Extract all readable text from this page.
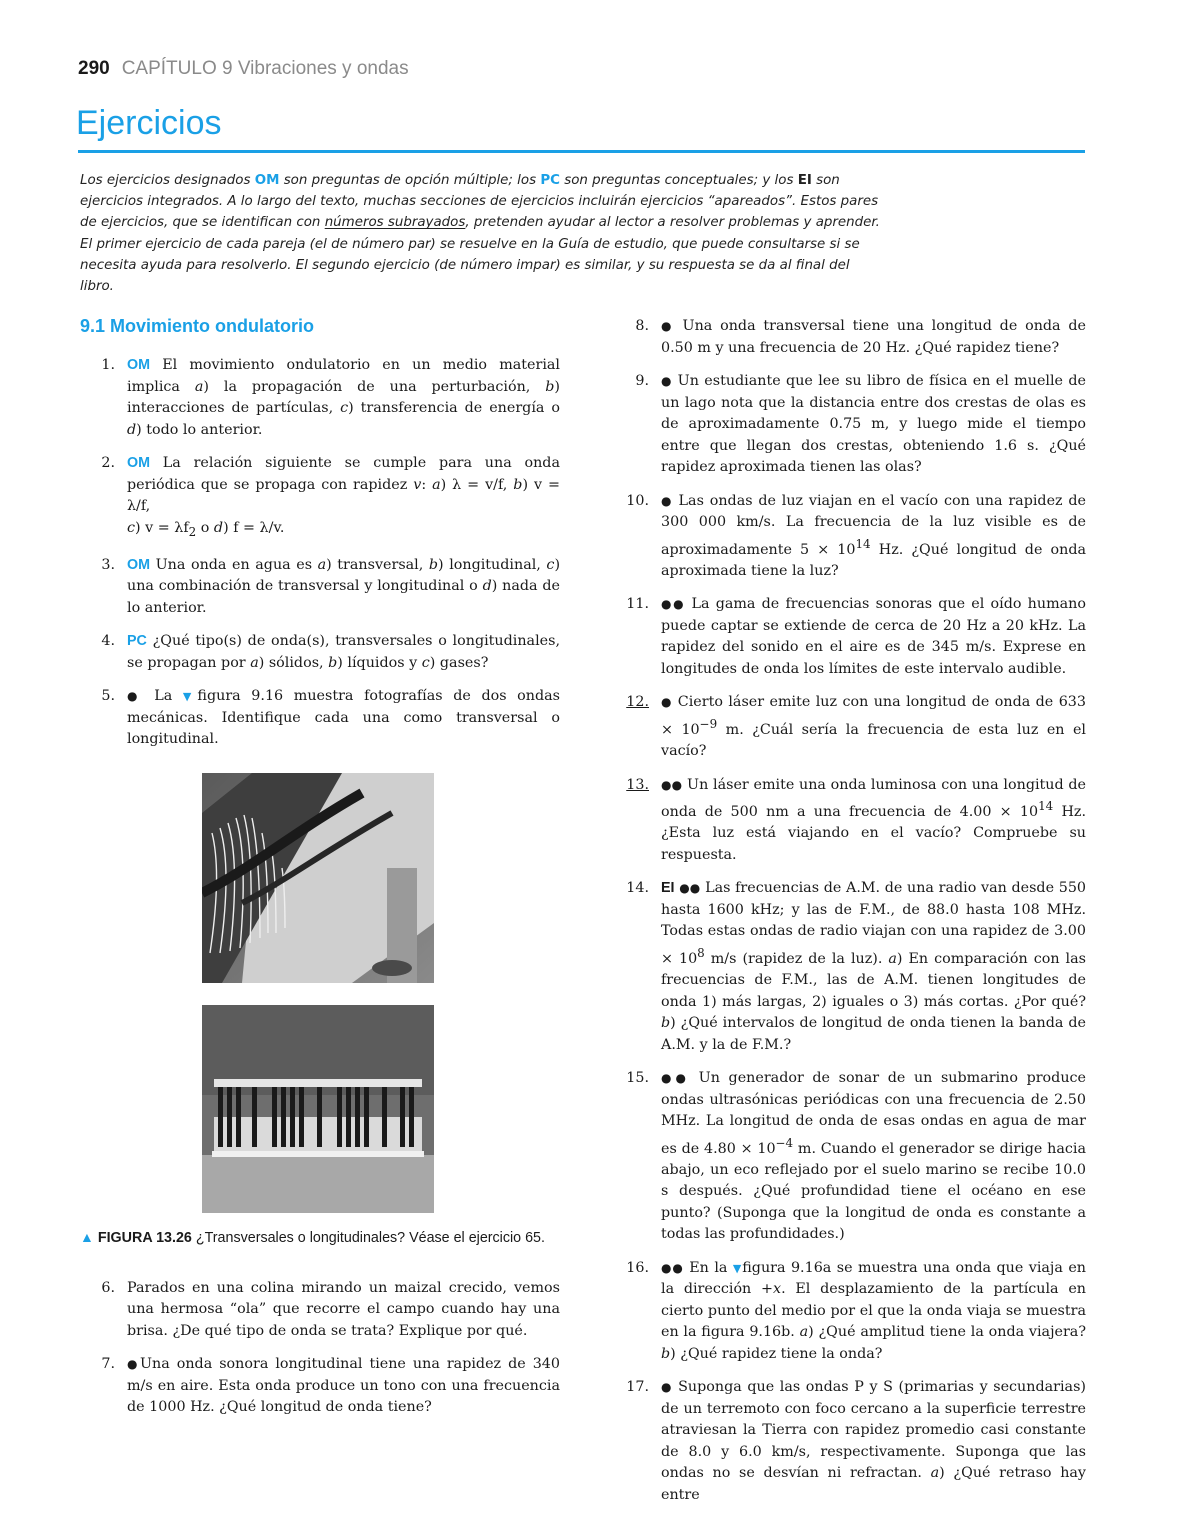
290 CAPÍTULO 9 Vibraciones y ondas
Ejercicios

Los ejercicios designados OM son preguntas de opción múltiple; los PC son preguntas conceptuales; y los EI son ejercicios integrados. A lo largo del texto, muchas secciones de ejercicios incluirán ejercicios “apareados”. Estos pares de ejercicios, que se identifican con números subrayados, pretenden ayudar al lector a resolver problemas y aprender. El primer ejercicio de cada pareja (el de número par) se resuelve en la Guía de estudio, que puede consultarse si se necesita ayuda para resolverlo. El segundo ejercicio (de número impar) es similar, y su respuesta se da al final del libro.

9.1 Movimiento ondulatorio

1. OM El movimiento ondulatorio en un medio material implica a) la propagación de una perturbación, b) interacciones de partículas, c) transferencia de energía o d) todo lo anterior.

2. OM La relación siguiente se cumple para una onda periódica que se propaga con rapidez v: a) λ = v/f, b) v = λ/f,
c) $v = \lambda f_2$ o d) f = λ/v.

3. OM Una onda en agua es a) transversal, b) longitudinal, c) una combinación de transversal y longitudinal o d) nada de lo anterior.

4. PC ¿Qué tipo(s) de onda(s), transversales o longitudinales, se propagan por a) sólidos, b) líquidos y c) gases?

5. ● La ▼figura 9.16 muestra fotografías de dos ondas mecánicas. Identifique cada una como transversal o longitudinal.

▲ FIGURA 13.26 ¿Transversales o longitudinales? Véase el ejercicio 65.

6. Parados en una colina mirando un maizal crecido, vemos una hermosa “ola” que recorre el campo cuando hay una brisa. ¿De qué tipo de onda se trata? Explique por qué.

7. ●Una onda sonora longitudinal tiene una rapidez de 340 m/s en aire. Esta onda produce un tono con una frecuencia de 1000 Hz. ¿Qué longitud de onda tiene?

8. ● Una onda transversal tiene una longitud de onda de 0.50 m y una frecuencia de 20 Hz. ¿Qué rapidez tiene?

9. ● Un estudiante que lee su libro de física en el muelle de un lago nota que la distancia entre dos crestas de olas es de aproximadamente 0.75 m, y luego mide el tiempo entre que llegan dos crestas, obteniendo 1.6 s. ¿Qué rapidez aproximada tienen las olas?

10. ● Las ondas de luz viajan en el vacío con una rapidez de 300 000 km/s. La frecuencia de la luz visible es de aproximadamente $5 \times 10^{14}$ Hz. ¿Qué longitud de onda aproximada tiene la luz?

11. ●● La gama de frecuencias sonoras que el oído humano puede captar se extiende de cerca de 20 Hz a 20 kHz. La rapidez del sonido en el aire es de 345 m/s. Exprese en longitudes de onda los límites de este intervalo audible.

12. ● Cierto láser emite luz con una longitud de onda de $633 \times 10^{-9}$ m. ¿Cuál sería la frecuencia de esta luz en el vacío?

13. ●● Un láser emite una onda luminosa con una longitud de onda de 500 nm a una frecuencia de $4.00 \times 10^{14}$ Hz. ¿Esta luz está viajando en el vacío? Compruebe su respuesta.

14. EI ●● Las frecuencias de A.M. de una radio van desde 550 hasta 1600 kHz; y las de F.M., de 88.0 hasta 108 MHz. Todas estas ondas de radio viajan con una rapidez de $3.00 \times 10^8$ m/s (rapidez de la luz). a) En comparación con las frecuencias de F.M., las de A.M. tienen longitudes de onda 1) más largas, 2) iguales o 3) más cortas. ¿Por qué? b) ¿Qué intervalos de longitud de onda tienen la banda de A.M. y la de F.M.?

15. ●● Un generador de sonar de un submarino produce ondas ultrasónicas periódicas con una frecuencia de 2.50 MHz. La longitud de onda de esas ondas en agua de mar es de $4.80 \times 10^{-4}$ m. Cuando el generador se dirige hacia abajo, un eco reflejado por el suelo marino se recibe 10.0 s después. ¿Qué profundidad tiene el océano en ese punto? (Suponga que la longitud de onda es constante a todas las profundidades.)

16. ●● En la ▼figura 9.16a se muestra una onda que viaja en la dirección +x. El desplazamiento de la partícula en cierto punto del medio por el que la onda viaja se muestra en la figura 9.16b. a) ¿Qué amplitud tiene la onda viajera? b) ¿Qué rapidez tiene la onda?

17. ● Suponga que las ondas P y S (primarias y secundarias) de un terremoto con foco cercano a la superficie terrestre atraviesan la Tierra con rapidez promedio casi constante de 8.0 y 6.0 km/s, respectivamente. Suponga que las ondas no se desvían ni refractan. a) ¿Qué retraso hay entre
